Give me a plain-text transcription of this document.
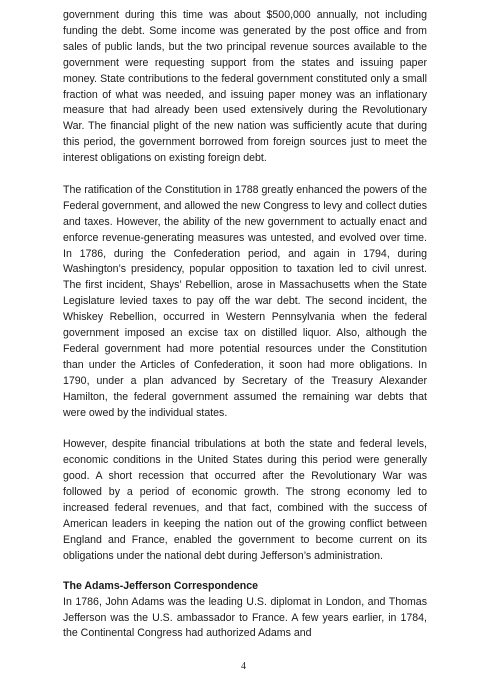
government during this time was about $500,000 annually, not including funding the debt. Some income was generated by the post office and from sales of public lands, but the two principal revenue sources available to the government were requesting support from the states and issuing paper money. State contributions to the federal government constituted only a small fraction of what was needed, and issuing paper money was an inflationary measure that had already been used extensively during the Revolutionary War. The financial plight of the new nation was sufficiently acute that during this period, the government borrowed from foreign sources just to meet the interest obligations on existing foreign debt.

The ratification of the Constitution in 1788 greatly enhanced the powers of the Federal government, and allowed the new Congress to levy and collect duties and taxes. However, the ability of the new government to actually enact and enforce revenue-generating measures was untested, and evolved over time. In 1786, during the Confederation period, and again in 1794, during Washington’s presidency, popular opposition to taxation led to civil unrest. The first incident, Shays’ Rebellion, arose in Massachusetts when the State Legislature levied taxes to pay off the war debt. The second incident, the Whiskey Rebellion, occurred in Western Pennsylvania when the federal government imposed an excise tax on distilled liquor. Also, although the Federal government had more potential resources under the Constitution than under the Articles of Confederation, it soon had more obligations. In 1790, under a plan advanced by Secretary of the Treasury Alexander Hamilton, the federal government assumed the remaining war debts that were owed by the individual states.

However, despite financial tribulations at both the state and federal levels, economic conditions in the United States during this period were generally good. A short recession that occurred after the Revolutionary War was followed by a period of economic growth. The strong economy led to increased federal revenues, and that fact, combined with the success of American leaders in keeping the nation out of the growing conflict between England and France, enabled the government to become current on its obligations under the national debt during Jefferson’s administration.

The Adams-Jefferson Correspondence

In 1786, John Adams was the leading U.S. diplomat in London, and Thomas Jefferson was the U.S. ambassador to France. A few years earlier, in 1784, the Continental Congress had authorized Adams and

4
